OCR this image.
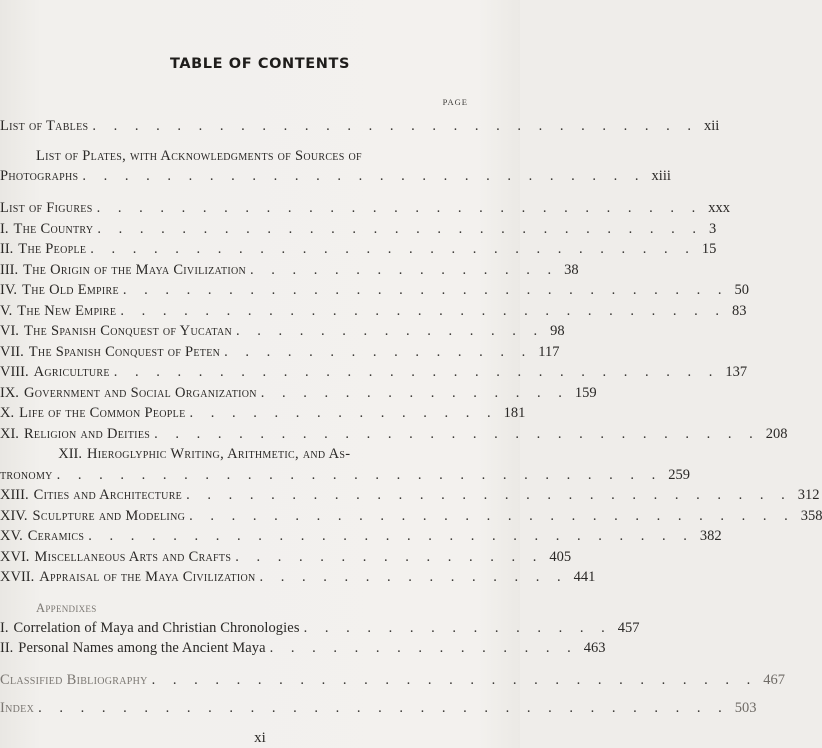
TABLE OF CONTENTS
PAGE
List of Tables . . . . . . . . . . . . . . . . . . . . . . . . . . . . . xii
List of Plates, with Acknowledgments of Sources of
Photographs . . . . . . . . . . . . . . . . . . . . . . . . . . . xiii
List of Figures . . . . . . . . . . . . . . . . . . . . . . . . . . . . . xxx
I. The Country . . . . . . . . . . . . . . . . . . . . . . . . . . . . . 3
II. The People . . . . . . . . . . . . . . . . . . . . . . . . . . . . . 15
III. The Origin of the Maya Civilization . . . . . . . . . . . . . . . 38
IV. The Old Empire . . . . . . . . . . . . . . . . . . . . . . . . . . . . . 50
V. The New Empire . . . . . . . . . . . . . . . . . . . . . . . . . . . . . 83
VI. The Spanish Conquest of Yucatan . . . . . . . . . . . . . . . 98
VII. The Spanish Conquest of Peten . . . . . . . . . . . . . . . 117
VIII. Agriculture . . . . . . . . . . . . . . . . . . . . . . . . . . . . . 137
IX. Government and Social Organization . . . . . . . . . . . . . . . 159
X. Life of the Common People . . . . . . . . . . . . . . . 181
XI. Religion and Deities . . . . . . . . . . . . . . . . . . . . . . . . . . . . . 208
XII. Hieroglyphic Writing, Arithmetic, and As-
tronomy . . . . . . . . . . . . . . . . . . . . . . . . . . . . . 259
XIII. Cities and Architecture . . . . . . . . . . . . . . . . . . . . . . . . . . . . . 312
XIV. Sculpture and Modeling . . . . . . . . . . . . . . . . . . . . . . . . . . . . . 358
XV. Ceramics . . . . . . . . . . . . . . . . . . . . . . . . . . . . . 382
XVI. Miscellaneous Arts and Crafts . . . . . . . . . . . . . . . 405
XVII. Appraisal of the Maya Civilization . . . . . . . . . . . . . . . 441
Appendixes
I. Correlation of Maya and Christian Chronologies . . . . . . . . . . . . . . . 457
II. Personal Names among the Ancient Maya . . . . . . . . . . . . . . . 463
Classified Bibliography . . . . . . . . . . . . . . . . . . . . . . . . . . . . . 467
Index . . . . . . . . . . . . . . . . . . . . . . . . . . . . . . . . . 503
xi
